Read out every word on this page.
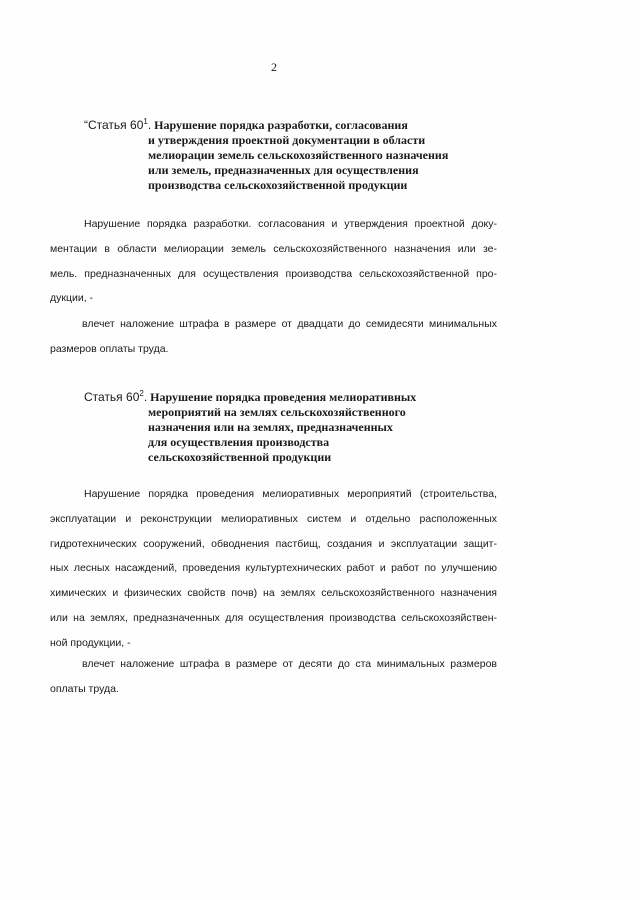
2
“Статья $60^1$. Нарушение порядка разработки, согласования
и утверждения проектной документации в области
мелиорации земель сельскохозяйственного назначения
или земель, предназначенных для осуществления
производства сельскохозяйственной продукции
Нарушение порядка разработки. согласования и утверждения проектной доку-
ментации в области мелиорации земель сельскохозяйственного назначения или зе-
мель. предназначенных для осуществления производства сельскохозяйственной про-
дукции, -
влечет наложение штрафа в размере от двадцати до семидесяти минимальных
размеров оплаты труда.
Статья $60^2$. Нарушение порядка проведения мелиоративных
мероприятий на землях сельскохозяйственного
назначения или на землях, предназначенных
для осуществления производства
сельскохозяйственной продукции
Нарушение порядка проведения мелиоративных мероприятий (строительства,
эксплуатации и реконструкции мелиоративных систем и отдельно расположенных
гидротехнических сооружений, обводнения пастбищ, создания и эксплуатации защит-
ных лесных насаждений, проведения культуртехнических работ и работ по улучшению
химических и физических свойств почв) на землях сельскохозяйственного назначения
или на землях, предназначенных для осуществления производства сельскохозяйствен-
ной продукции, -
влечет наложение штрафа в размере от десяти до ста минимальных размеров
оплаты труда.
